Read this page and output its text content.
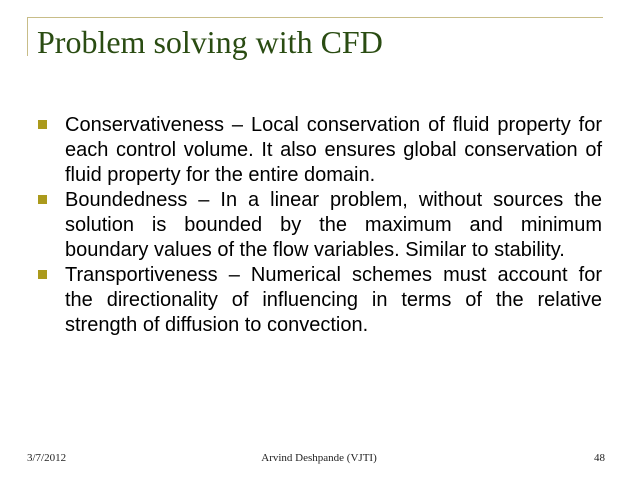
Problem solving with CFD
Conservativeness – Local conservation of fluid property for each control volume. It also ensures global conservation of fluid property for the entire domain.
Boundedness – In a linear problem, without sources the solution is bounded by the maximum and minimum boundary values of the flow variables. Similar to stability.
Transportiveness – Numerical schemes must account for the directionality of influencing in terms of the relative strength of diffusion to convection.
3/7/2012	Arvind Deshpande (VJTI)	48
